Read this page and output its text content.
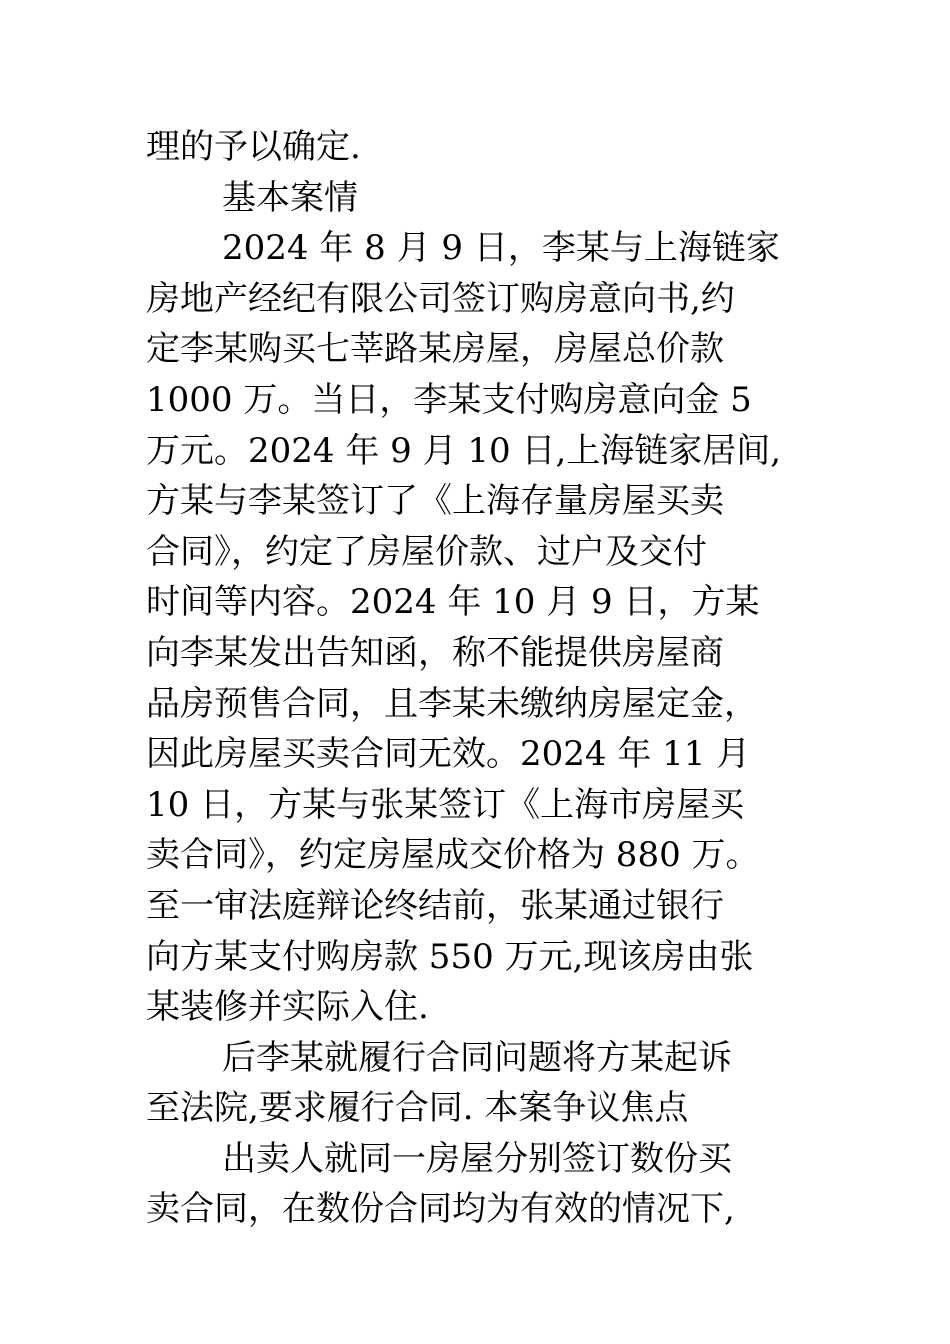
理的予以确定.
基本案情
2024 年 8 月 9 日，李某与上海链家
房地产经纪有限公司签订购房意向书,约
定李某购买七莘路某房屋，房屋总价款
1000 万。当日，李某支付购房意向金 5
万元。2024 年 9 月 10 日,上海链家居间,
方某与李某签订了《上海存量房屋买卖
合同》，约定了房屋价款、过户及交付
时间等内容。2024 年 10 月 9 日，方某
向李某发出告知函，称不能提供房屋商
品房预售合同，且李某未缴纳房屋定金，
因此房屋买卖合同无效。2024 年 11 月
10 日，方某与张某签订《上海市房屋买
卖合同》，约定房屋成交价格为 880 万。
至一审法庭辩论终结前，张某通过银行
向方某支付购房款 550 万元,现该房由张
某装修并实际入住.
后李某就履行合同问题将方某起诉
至法院,要求履行合同. 本案争议焦点
出卖人就同一房屋分别签订数份买
卖合同，在数份合同均为有效的情况下,
